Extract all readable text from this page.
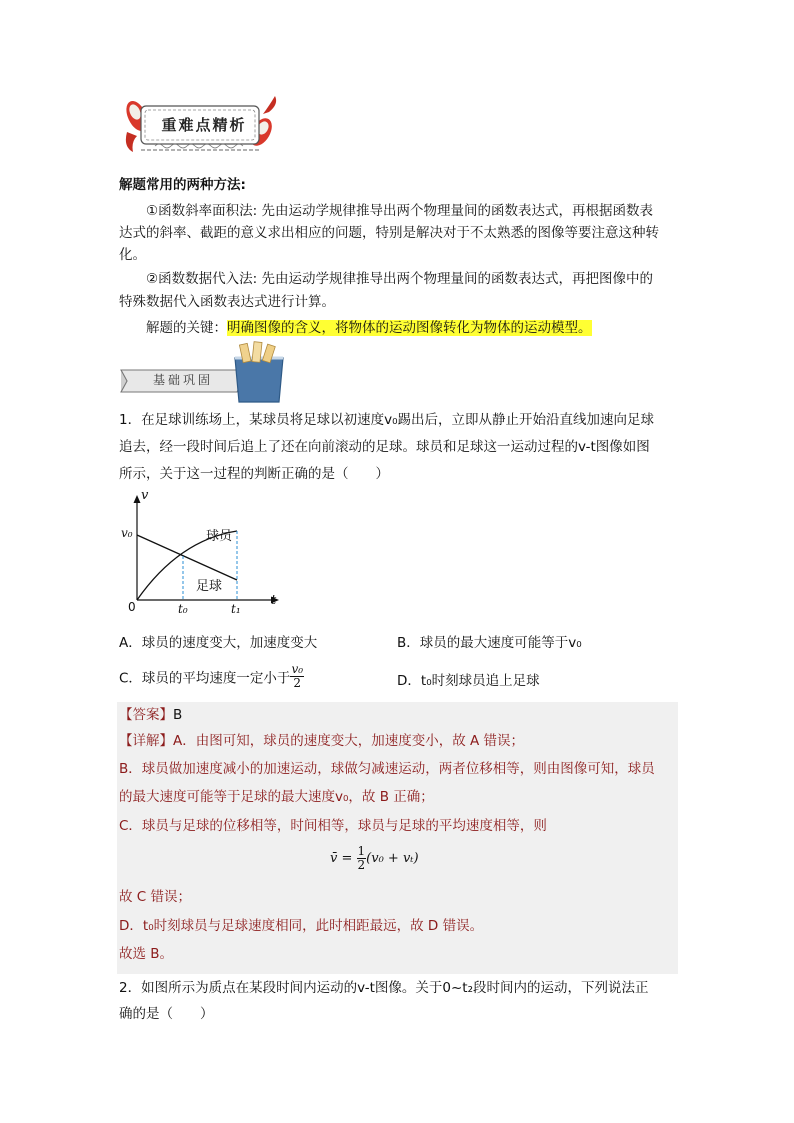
重难点精析
解题常用的两种方法:
①函数斜率面积法: 先由运动学规律推导出两个物理量间的函数表达式，再根据函数表
达式的斜率、截距的意义求出相应的问题，特别是解决对于不太熟悉的图像等要注意这种转
化。
②函数数据代入法: 先由运动学规律推导出两个物理量间的函数表达式，再把图像中的
特殊数据代入函数表达式进行计算。
解题的关键：明确图像的含义，将物体的运动图像转化为物体的运动模型。
基础巩固
1．在足球训练场上，某球员将足球以初速度v₀踢出后，立即从静止开始沿直线加速向足球
追去，经一段时间后追上了还在向前滚动的足球。球员和足球这一运动过程的v-t图像如图
所示，关于这一过程的判断正确的是（　　）
v
t
v₀
0	t₀	t₁
球员
足球
A．球员的速度变大，加速度变大	B．球员的最大速度可能等于v₀
C．球员的平均速度一定小于 $\frac{\text{v₀}}{2}$	D．t₀时刻球员追上足球
【答案】B
【详解】A．由图可知，球员的速度变大，加速度变小，故 A 错误；
B．球员做加速度减小的加速运动，球做匀减速运动，两者位移相等，则由图像可知，球员
的最大速度可能等于足球的最大速度v₀，故 B 正确；
C．球员与足球的位移相等，时间相等，球员与足球的平均速度相等，则
v̄ = $\frac{1}{2} (v_0 + v_t)$
故 C 错误；
D．t₀时刻球员与足球速度相同，此时相距最远，故 D 错误。
故选 B。
2．如图所示为质点在某段时间内运动的v-t图像。关于0~t₂段时间内的运动，下列说法正
确的是（　　）
